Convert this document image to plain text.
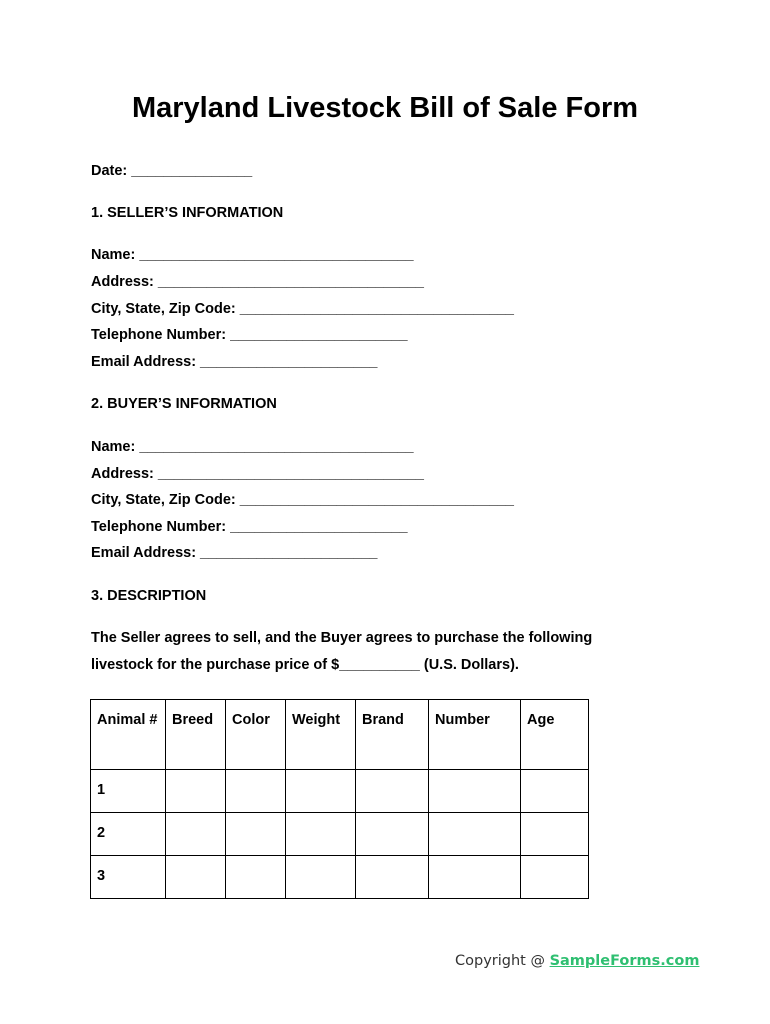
Maryland Livestock Bill of Sale Form

Date: _______________

1. SELLER’S INFORMATION

Name: __________________________________

Address: _________________________________

City, State, Zip Code: __________________________________

Telephone Number: ______________________

Email Address: ______________________

2. BUYER’S INFORMATION

Name: __________________________________

Address: _________________________________

City, State, Zip Code: __________________________________

Telephone Number: ______________________

Email Address: ______________________

3. DESCRIPTION

The Seller agrees to sell, and the Buyer agrees to purchase the following livestock for the purchase price of $__________ (U.S. Dollars).

Animal #	Breed	Color	Weight	Brand	Number	Age
1						
2						
3						
Copyright @ SampleForms.com
